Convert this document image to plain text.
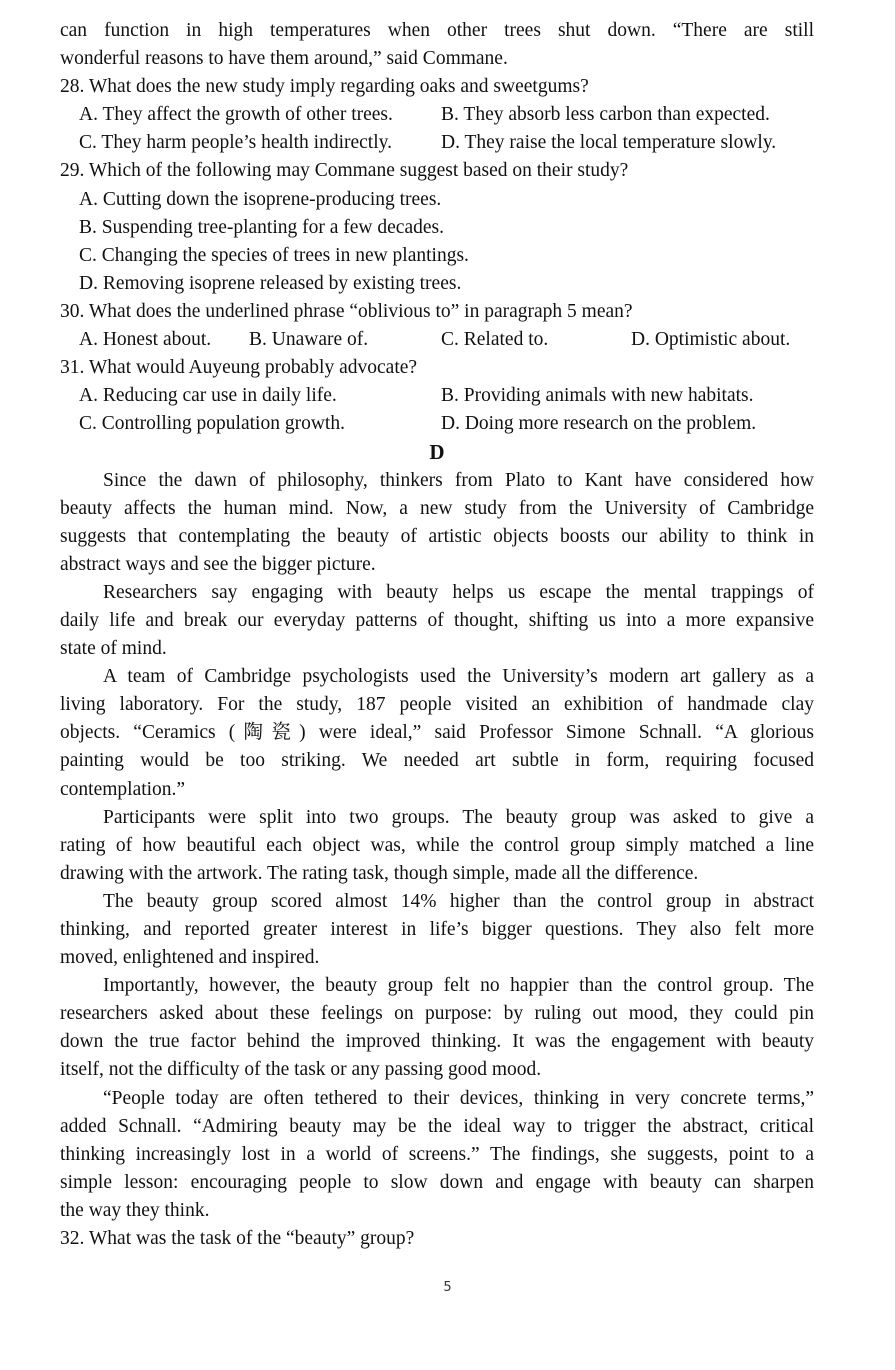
can function in high temperatures when other trees shut down. “There are still
wonderful reasons to have them around,” said Commane.
28. What does the new study imply regarding oaks and sweetgums?
A. They affect the growth of other trees. B. They absorb less carbon than expected.
C. They harm people’s health indirectly.	D. They raise the local temperature slowly.
29. Which of the following may Commane suggest based on their study?
A. Cutting down the isoprene-producing trees.
B. Suspending tree-planting for a few decades.
C. Changing the species of trees in new plantings.
D. Removing isoprene released by existing trees.
30. What does the underlined phrase “oblivious to” in paragraph 5 mean?
A. Honest about. B. Unaware of.	C. Related to.	D. Optimistic about.
31. What would Auyeung probably advocate?
A. Reducing car use in daily life.	B. Providing animals with new habitats.
C. Controlling population growth.	D. Doing more research on the problem.
D
Since the dawn of philosophy, thinkers from Plato to Kant have considered how
beauty affects the human mind. Now, a new study from the University of Cambridge
suggests that contemplating the beauty of artistic objects boosts our ability to think in
abstract ways and see the bigger picture.
Researchers say engaging with beauty helps us escape the mental trappings of
daily life and break our everyday patterns of thought, shifting us into a more expansive
state of mind.
A team of Cambridge psychologists used the University’s modern art gallery as a
living laboratory. For the study, 187 people visited an exhibition of handmade clay
objects. “Ceramics (陶瓷) were ideal,” said Professor Simone Schnall. “A glorious
painting would be too striking. We needed art subtle in form, requiring focused
contemplation.”
Participants were split into two groups. The beauty group was asked to give a
rating of how beautiful each object was, while the control group simply matched a line
drawing with the artwork. The rating task, though simple, made all the difference.
The beauty group scored almost 14% higher than the control group in abstract
thinking, and reported greater interest in life’s bigger questions. They also felt more
moved, enlightened and inspired.
Importantly, however, the beauty group felt no happier than the control group. The
researchers asked about these feelings on purpose: by ruling out mood, they could pin
down the true factor behind the improved thinking. It was the engagement with beauty
itself, not the difficulty of the task or any passing good mood.
“People today are often tethered to their devices, thinking in very concrete terms,”
added Schnall. “Admiring beauty may be the ideal way to trigger the abstract, critical
thinking increasingly lost in a world of screens.” The findings, she suggests, point to a
simple lesson: encouraging people to slow down and engage with beauty can sharpen
the way they think.
32. What was the task of the “beauty” group?
5
